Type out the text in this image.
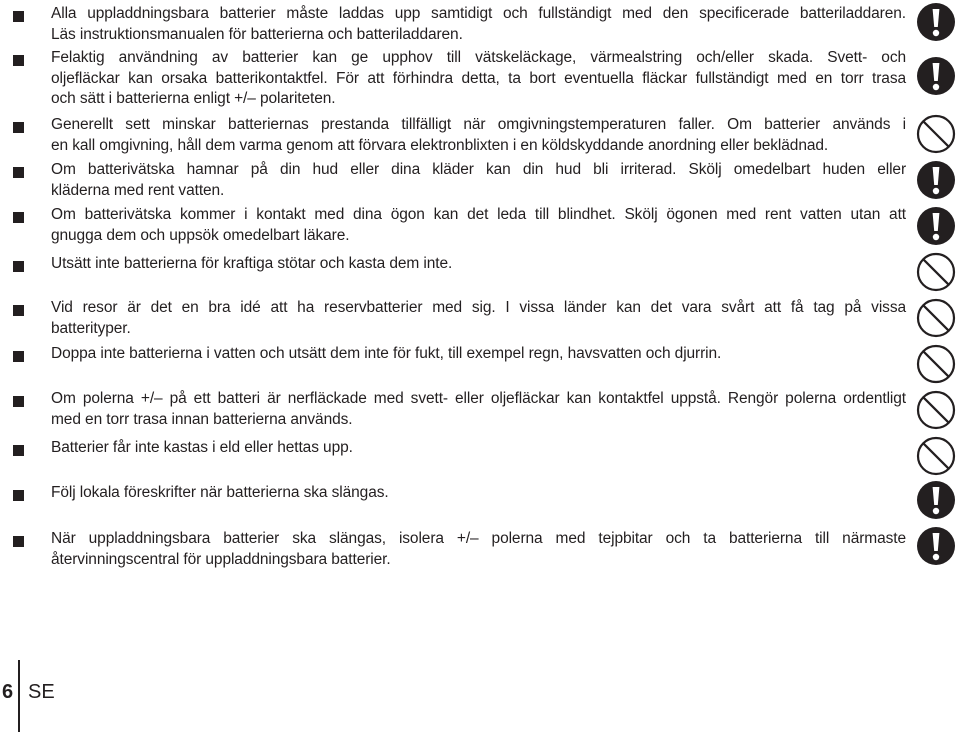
Alla uppladdningsbara batterier måste laddas upp samtidigt och fullständigt med den specificerade batteriladdaren.
Läs instruktionsmanualen för batterierna och batteriladdaren.
Felaktig användning av batterier kan ge upphov till vätskeläckage, värmealstring och/eller skada. Svett- och
oljefläckar kan orsaka batterikontaktfel. För att förhindra detta, ta bort eventuella fläckar fullständigt med en torr trasa
och sätt i batterierna enligt +/– polariteten.
Generellt sett minskar batteriernas prestanda tillfälligt när omgivningstemperaturen faller. Om batterier används i
en kall omgivning, håll dem varma genom att förvara elektronblixten i en köldskyddande anordning eller beklädnad.
Om batterivätska hamnar på din hud eller dina kläder kan din hud bli irriterad. Skölj omedelbart huden eller
kläderna med rent vatten.
Om batterivätska kommer i kontakt med dina ögon kan det leda till blindhet. Skölj ögonen med rent vatten utan att
gnugga dem och uppsök omedelbart läkare.
Utsätt inte batterierna för kraftiga stötar och kasta dem inte.
Vid resor är det en bra idé att ha reservbatterier med sig. I vissa länder kan det vara svårt att få tag på vissa
batterityper.
Doppa inte batterierna i vatten och utsätt dem inte för fukt, till exempel regn, havsvatten och djurrin.
Om polerna +/– på ett batteri är nerfläckade med svett- eller oljefläckar kan kontaktfel uppstå. Rengör polerna ordentligt
med en torr trasa innan batterierna används.
Batterier får inte kastas i eld eller hettas upp.
Följ lokala föreskrifter när batterierna ska slängas.
När uppladdningsbara batterier ska slängas, isolera +/– polerna med tejpbitar och ta batterierna till närmaste
återvinningscentral för uppladdningsbara batterier.
6 SE
